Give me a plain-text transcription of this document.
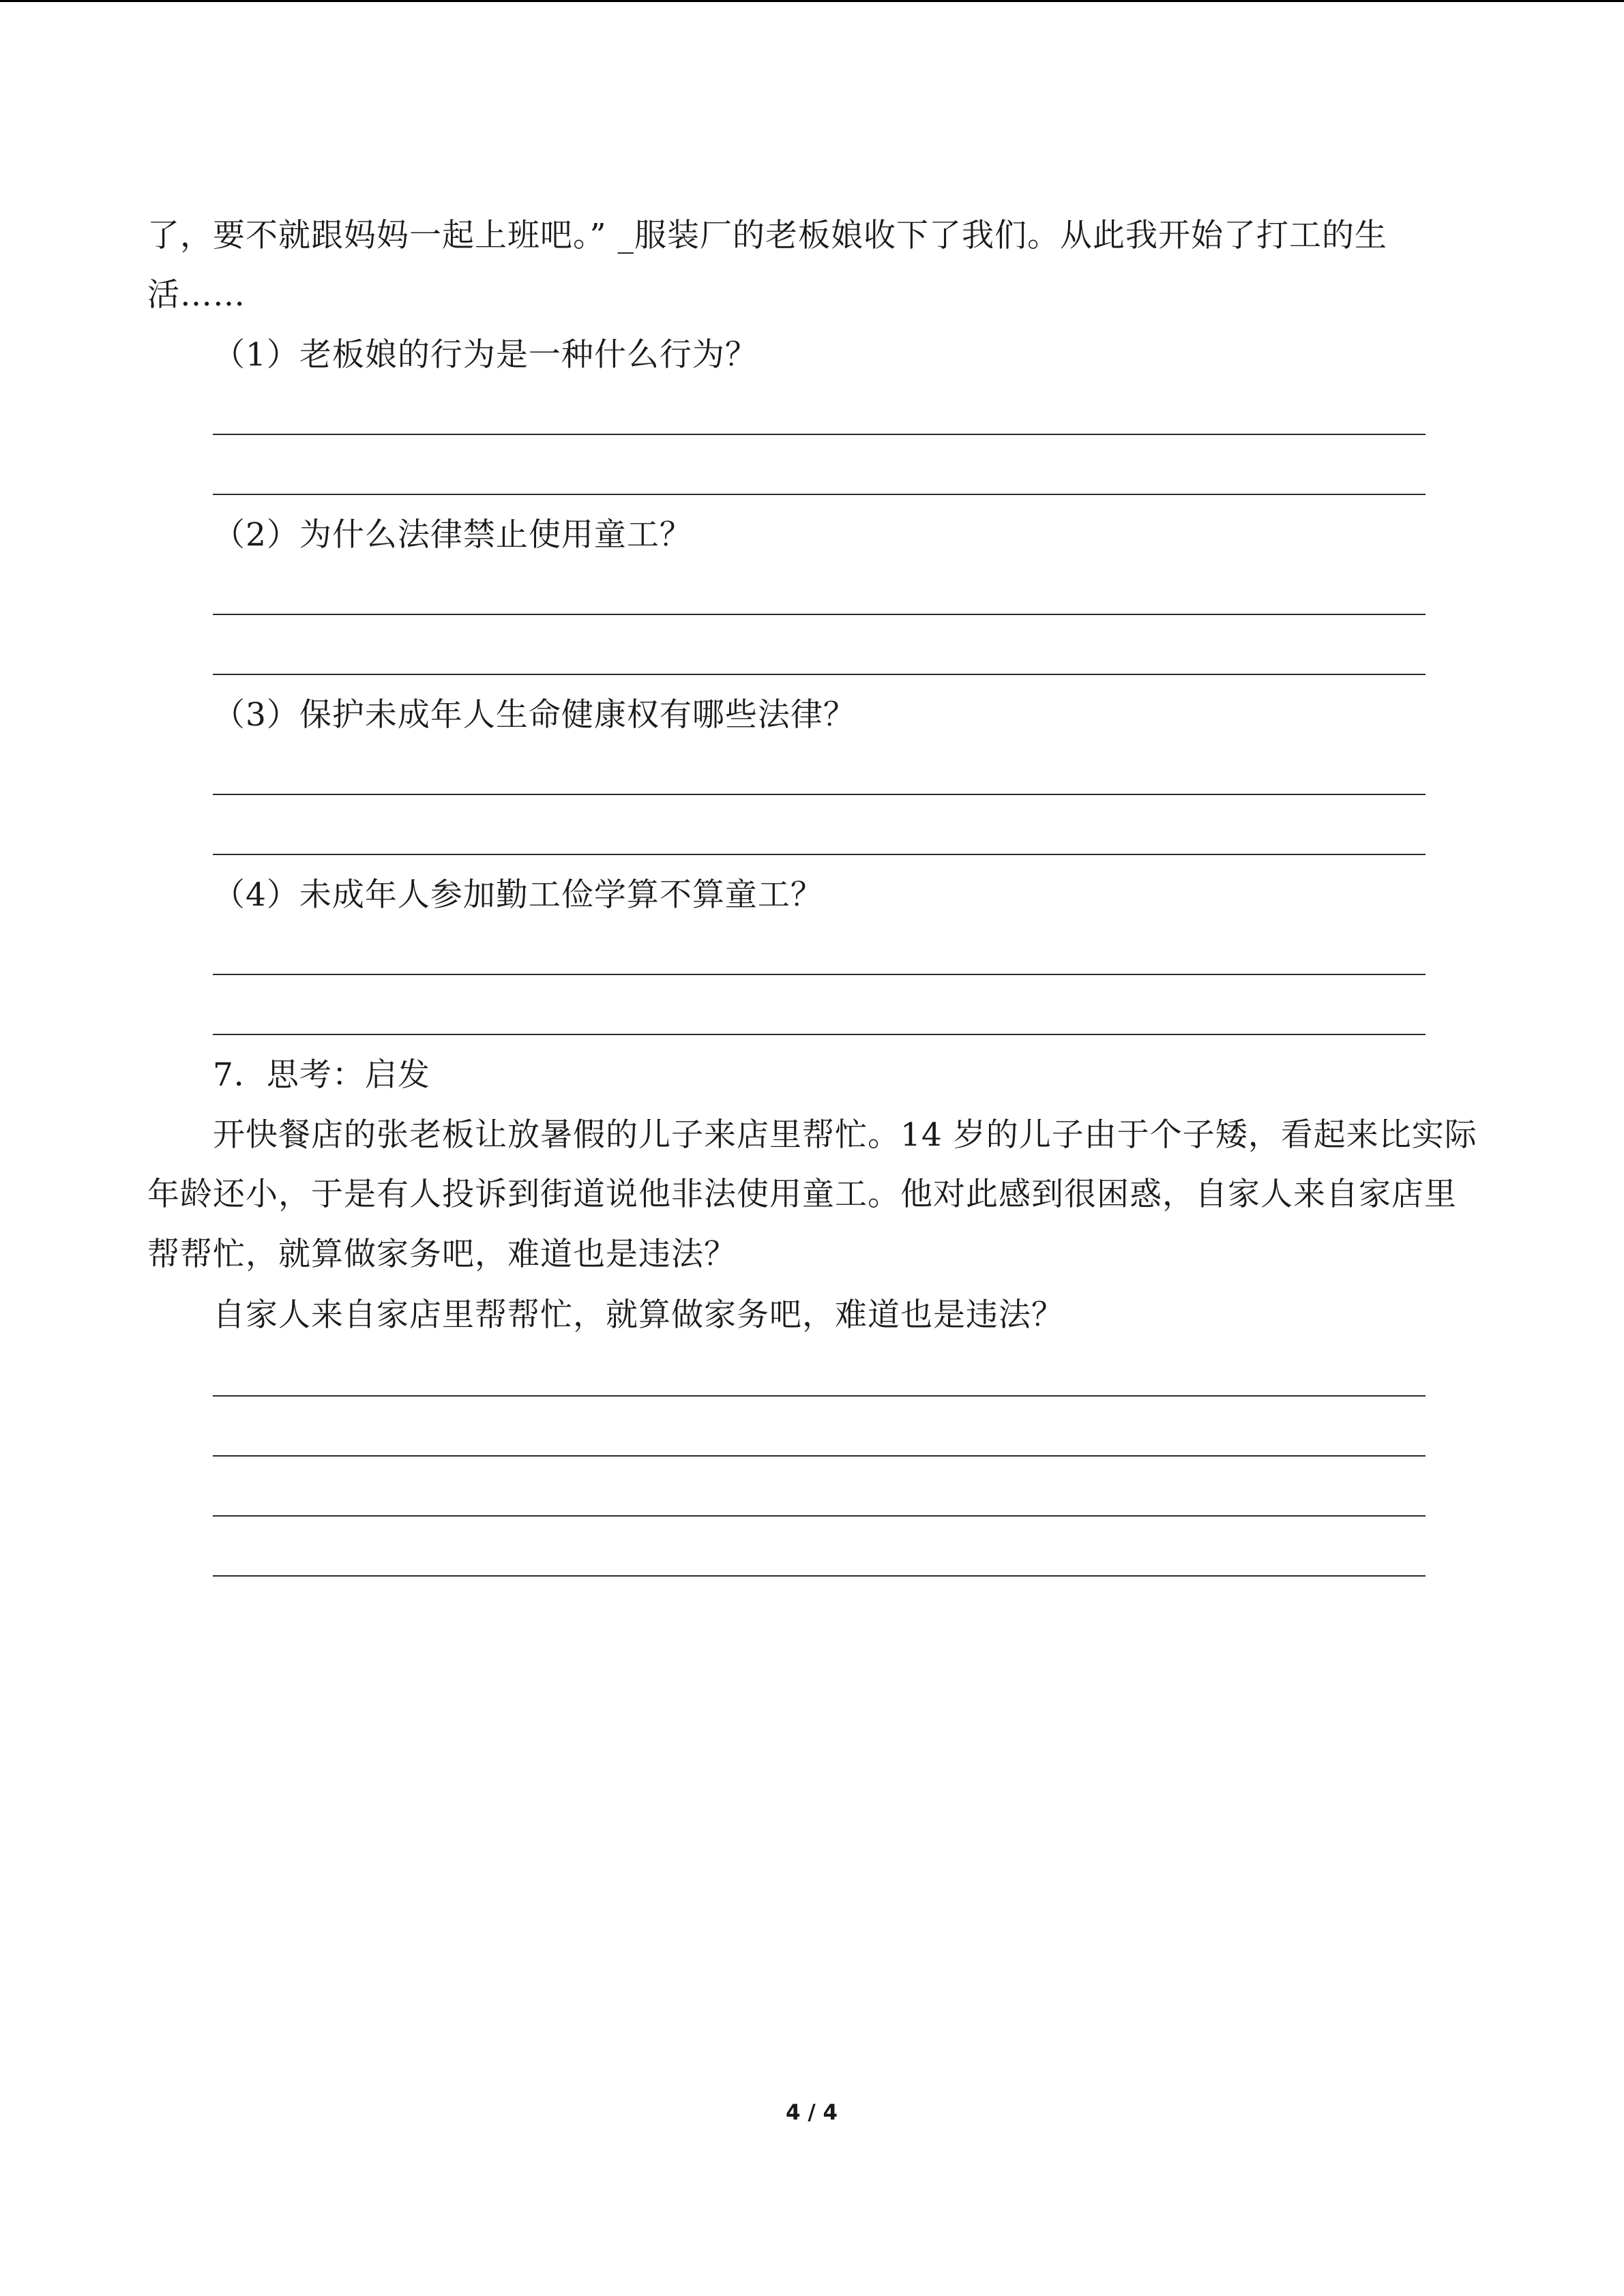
了，要不就跟妈妈一起上班吧。” _服装厂的老板娘收下了我们。从此我开始了打工的生
活……
（1）老板娘的行为是一种什么行为？
（2）为什么法律禁止使用童工？
（3）保护未成年人生命健康权有哪些法律？
（4）未成年人参加勤工俭学算不算童工？
7．思考：启发
开快餐店的张老板让放暑假的儿子来店里帮忙。14 岁的儿子由于个子矮，看起来比实际
年龄还小，于是有人投诉到街道说他非法使用童工。他对此感到很困惑，自家人来自家店里
帮帮忙，就算做家务吧，难道也是违法？
自家人来自家店里帮帮忙，就算做家务吧，难道也是违法？
4 / 4
